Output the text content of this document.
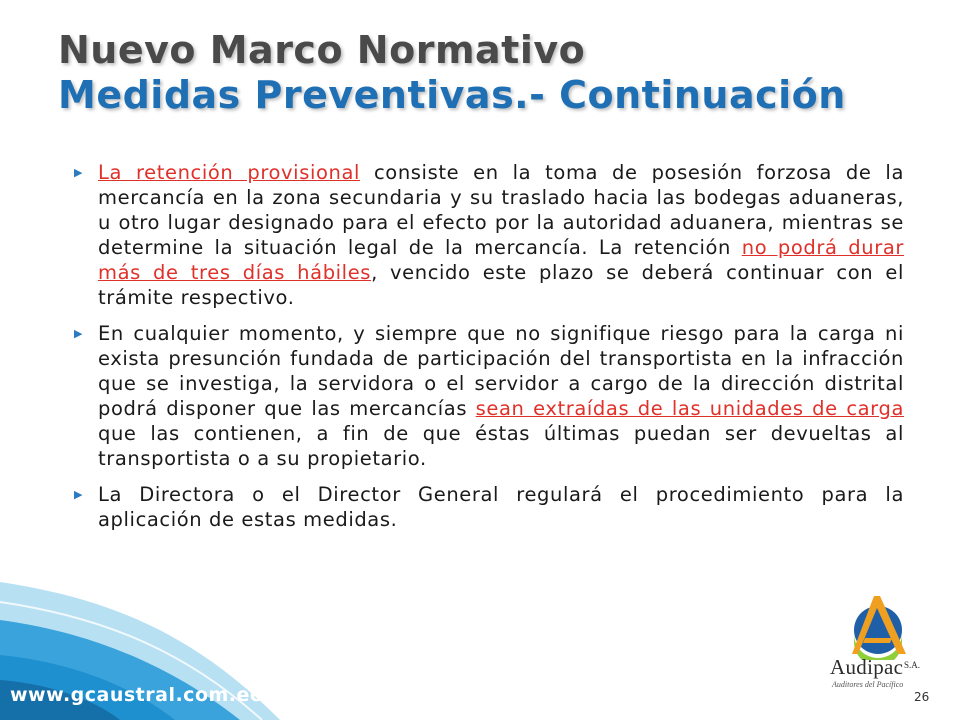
Nuevo Marco Normativo
Medidas Preventivas.- Continuación
▶ La retención provisional consiste en la toma de posesión forzosa de la mercancía en la zona secundaria y su traslado hacia las bodegas aduaneras, u otro lugar designado para el efecto por la autoridad aduanera, mientras se determine la situación legal de la mercancía. La retención no podrá durar más de tres días hábiles, vencido este plazo se deberá continuar con el trámite respectivo.
▶ En cualquier momento, y siempre que no signifique riesgo para la carga ni exista presunción fundada de participación del transportista en la infracción que se investiga, la servidora o el servidor a cargo de la dirección distrital podrá disponer que las mercancías sean extraídas de las unidades de carga que las contienen, a fin de que éstas últimas puedan ser devueltas al transportista o a su propietario.
▶ La Directora o el Director General regulará el procedimiento para la aplicación de estas medidas.
www.gcaustral.com.ec	26
Audipac S.A.
Auditores del Pacífico
